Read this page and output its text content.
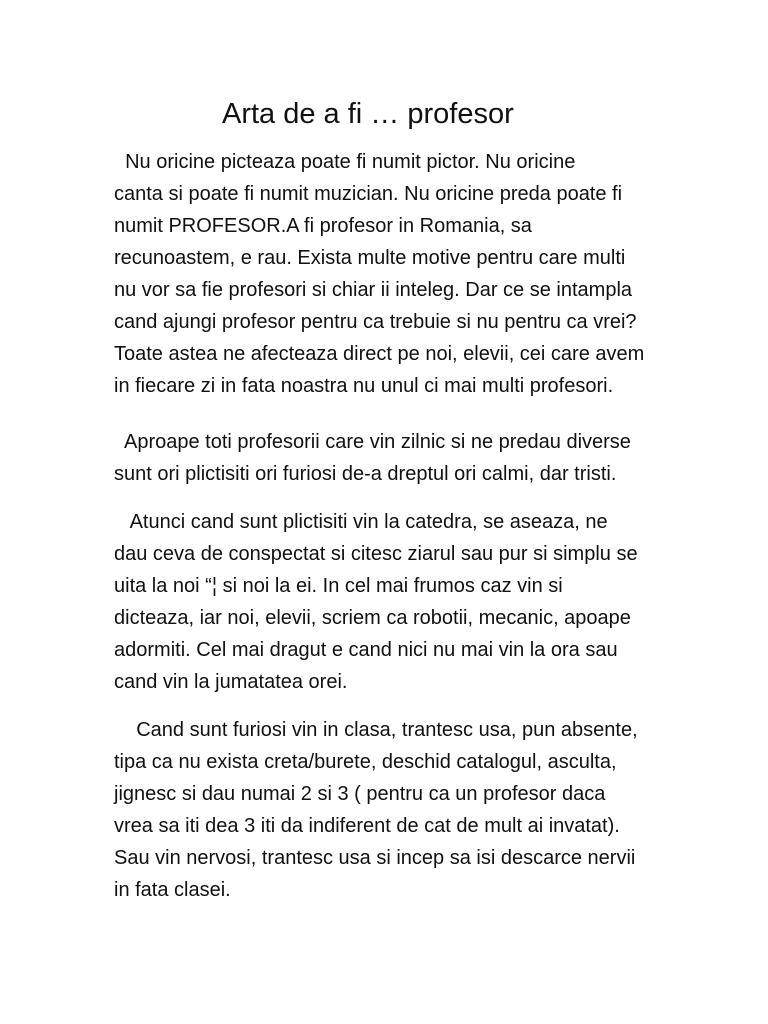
Arta de a fi … profesor
Nu oricine picteaza poate fi numit pictor. Nu oricine
canta si poate fi numit muzician. Nu oricine preda poate fi
numit PROFESOR.A fi profesor in Romania, sa
recunoastem, e rau. Exista multe motive pentru care multi
nu vor sa fie profesori si chiar ii inteleg. Dar ce se intampla
cand ajungi profesor pentru ca trebuie si nu pentru ca vrei?
Toate astea ne afecteaza direct pe noi, elevii, cei care avem
in fiecare zi in fata noastra nu unul ci mai multi profesori.
Aproape toti profesorii care vin zilnic si ne predau diverse
sunt ori plictisiti ori furiosi de-a dreptul ori calmi, dar tristi.
Atunci cand sunt plictisiti vin la catedra, se aseaza, ne
dau ceva de conspectat si citesc ziarul sau pur si simplu se
uita la noi “¦ si noi la ei. In cel mai frumos caz vin si
dicteaza, iar noi, elevii, scriem ca robotii, mecanic, apoape
adormiti. Cel mai dragut e cand nici nu mai vin la ora sau
cand vin la jumatatea orei.
Cand sunt furiosi vin in clasa, trantesc usa, pun absente,
tipa ca nu exista creta/burete, deschid catalogul, asculta,
jignesc si dau numai 2 si 3 ( pentru ca un profesor daca
vrea sa iti dea 3 iti da indiferent de cat de mult ai invatat).
Sau vin nervosi, trantesc usa si incep sa isi descarce nervii
in fata clasei.
